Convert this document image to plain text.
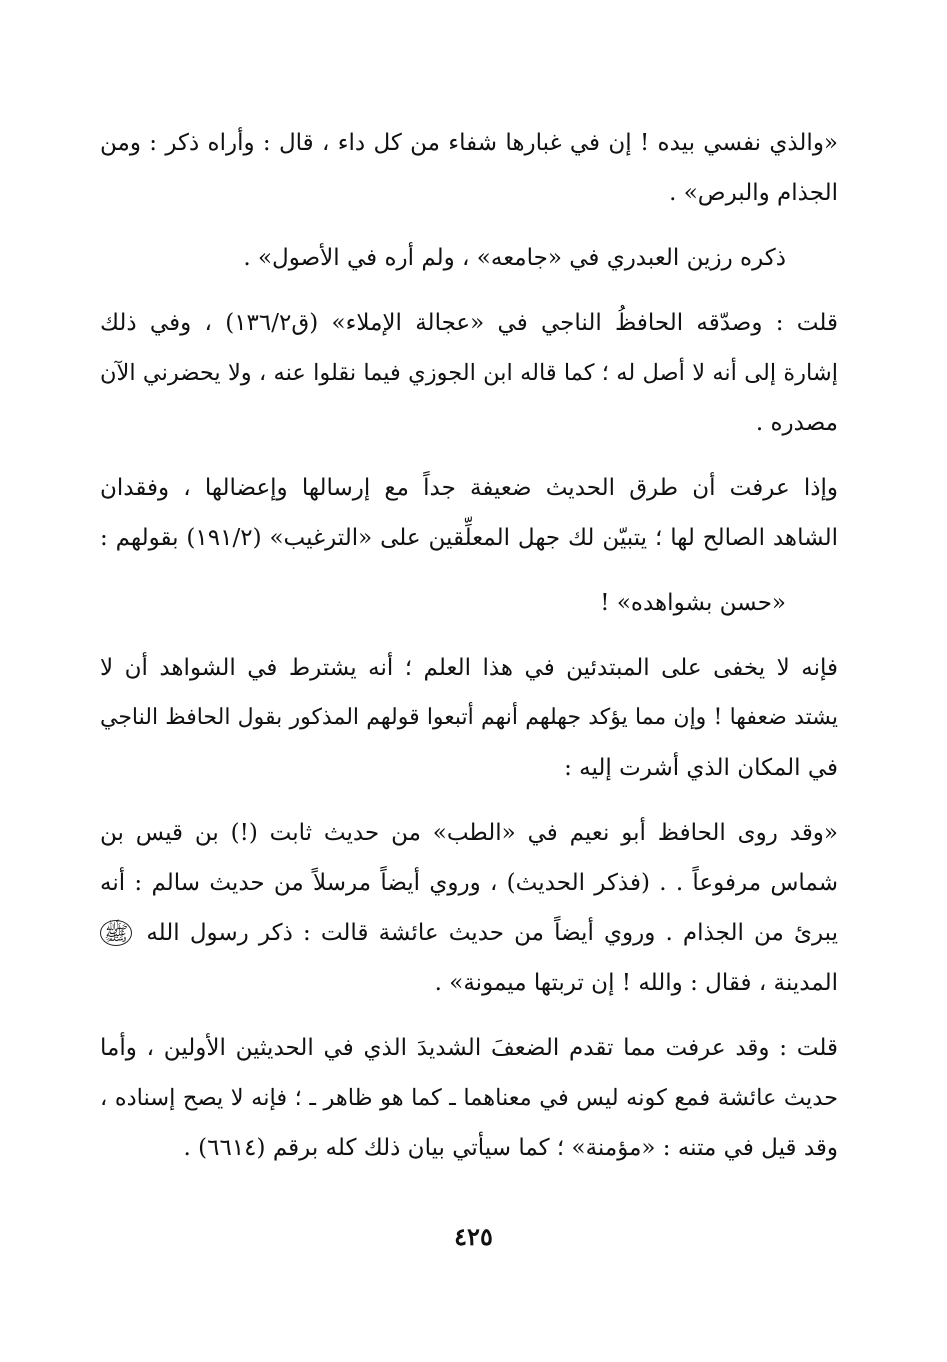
«والذي نفسي بيده ! إن في غبارها شفاء من كل داء ، قال : وأراه ذكر : ومن
الجذام والبرص» .

ذكره رزين العبدري في «جامعه» ، ولم أره في الأصول» .

قلت : وصدّقه الحافظُ الناجي في «عجالة الإملاء» (ق١٣٦/٢) ، وفي ذلك
إشارة إلى أنه لا أصل له ؛ كما قاله ابن الجوزي فيما نقلوا عنه ، ولا يحضرني الآن
مصدره .

وإذا عرفت أن طرق الحديث ضعيفة جداً مع إرسالها وإعضالها ، وفقدان
الشاهد الصالح لها ؛ يتبيّن لك جهل المعلِّقين على «الترغيب» (١٩١/٢) بقولهم :

«حسن بشواهده» !

فإنه لا يخفى على المبتدئين في هذا العلم ؛ أنه يشترط في الشواهد أن لا
يشتد ضعفها ! وإن مما يؤكد جهلهم أنهم أتبعوا قولهم المذكور بقول الحافظ الناجي
في المكان الذي أشرت إليه :

«وقد روى الحافظ أبو نعيم في «الطب» من حديث ثابت (!) بن قيس بن
شماس مرفوعاً . . (فذكر الحديث) ، وروي أيضاً مرسلاً من حديث سالم : أنه
يبرئ من الجذام . وروي أيضاً من حديث عائشة قالت : ذكر رسول الله ﷺ
المدينة ، فقال : والله ! إن تربتها ميمونة» .

قلت : وقد عرفت مما تقدم الضعفَ الشديدَ الذي في الحديثين الأولين ، وأما
حديث عائشة فمع كونه ليس في معناهما ـ كما هو ظاهر ـ ؛ فإنه لا يصح إسناده ،
وقد قيل في متنه : «مؤمنة» ؛ كما سيأتي بيان ذلك كله برقم (٦٦١٤) .

٤٢٥
